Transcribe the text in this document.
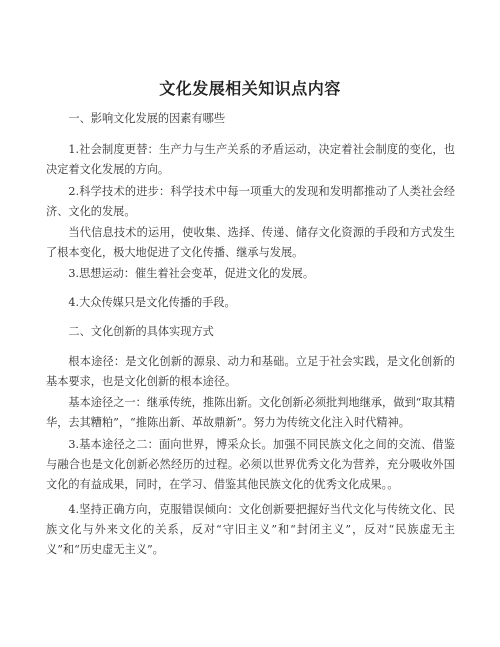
文化发展相关知识点内容

一、影响文化发展的因素有哪些

1.社会制度更替：生产力与生产关系的矛盾运动，决定着社会制度的变化，也决定着文化发展的方向。

2.科学技术的进步：科学技术中每一项重大的发现和发明都推动了人类社会经济、文化的发展。

当代信息技术的运用，使收集、选择、传递、储存文化资源的手段和方式发生了根本变化，极大地促进了文化传播、继承与发展。

3.思想运动：催生着社会变革，促进文化的发展。

4.大众传媒只是文化传播的手段。

二、文化创新的具体实现方式

根本途径：是文化创新的源泉、动力和基础。立足于社会实践，是文化创新的基本要求，也是文化创新的根本途径。

基本途径之一：继承传统，推陈出新。文化创新必须批判地继承，做到“取其精华，去其糟粕”，“推陈出新、革故鼎新”。努力为传统文化注入时代精神。

3.基本途径之二：面向世界，博采众长。加强不同民族文化之间的交流、借鉴与融合也是文化创新必然经历的过程。必须以世界优秀文化为营养，充分吸收外国文化的有益成果，同时，在学习、借鉴其他民族文化的优秀文化成果。。

4.坚持正确方向，克服错误倾向：文化创新要把握好当代文化与传统文化、民族文化与外来文化的关系，反对“守旧主义”和“封闭主义”，反对“民族虚无主义”和“历史虚无主义”。
